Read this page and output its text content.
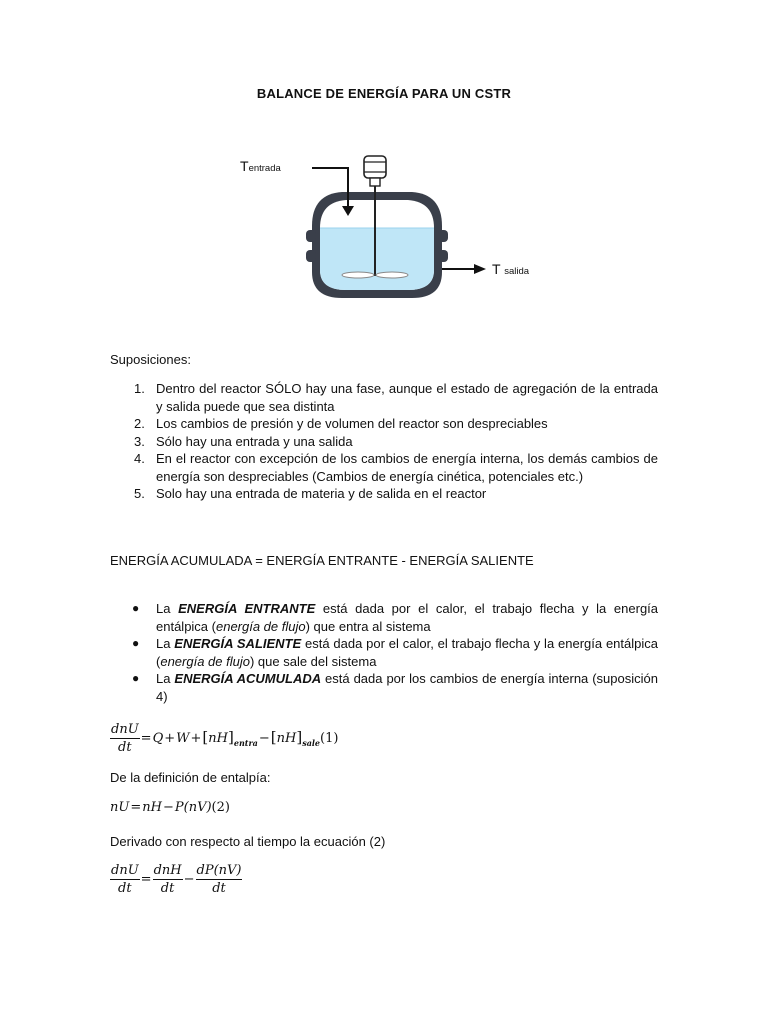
BALANCE DE ENERGÍA PARA UN CSTR
Tentrada
T salida
Suposiciones:
1. Dentro del reactor SÓLO hay una fase, aunque el estado de agregación de la entrada y salida puede que sea distinta
2. Los cambios de presión y de volumen del reactor son despreciables
3. Sólo hay una entrada y una salida
4. En el reactor con excepción de los cambios de energía interna, los demás cambios de energía son despreciables (Cambios de energía cinética, potenciales etc.)
5. Solo hay una entrada de materia y de salida en el reactor
ENERGÍA ACUMULADA = ENERGÍA ENTRANTE - ENERGÍA SALIENTE
● La ENERGÍA ENTRANTE está dada por el calor, el trabajo flecha y la energía entálpica (energía de flujo) que entra al sistema
● La ENERGÍA SALIENTE está dada por el calor, el trabajo flecha y la energía entálpica (energía de flujo) que sale del sistema
● La ENERGÍA ACUMULADA está dada por los cambios de energía interna (suposición 4)
$\frac{\text{dnU}}{dt} =Q+W+[nH]_{entra}-[nH]_{sale}(1)$
De la definición de entalpía:
nU=nH−P(nV)(2)
Derivado con respecto al tiempo la ecuación (2)
$\frac{\text{dnU}}{dt} = \frac{\text{dnH}}{dt} - \frac{dP(nV)}{dt}$
